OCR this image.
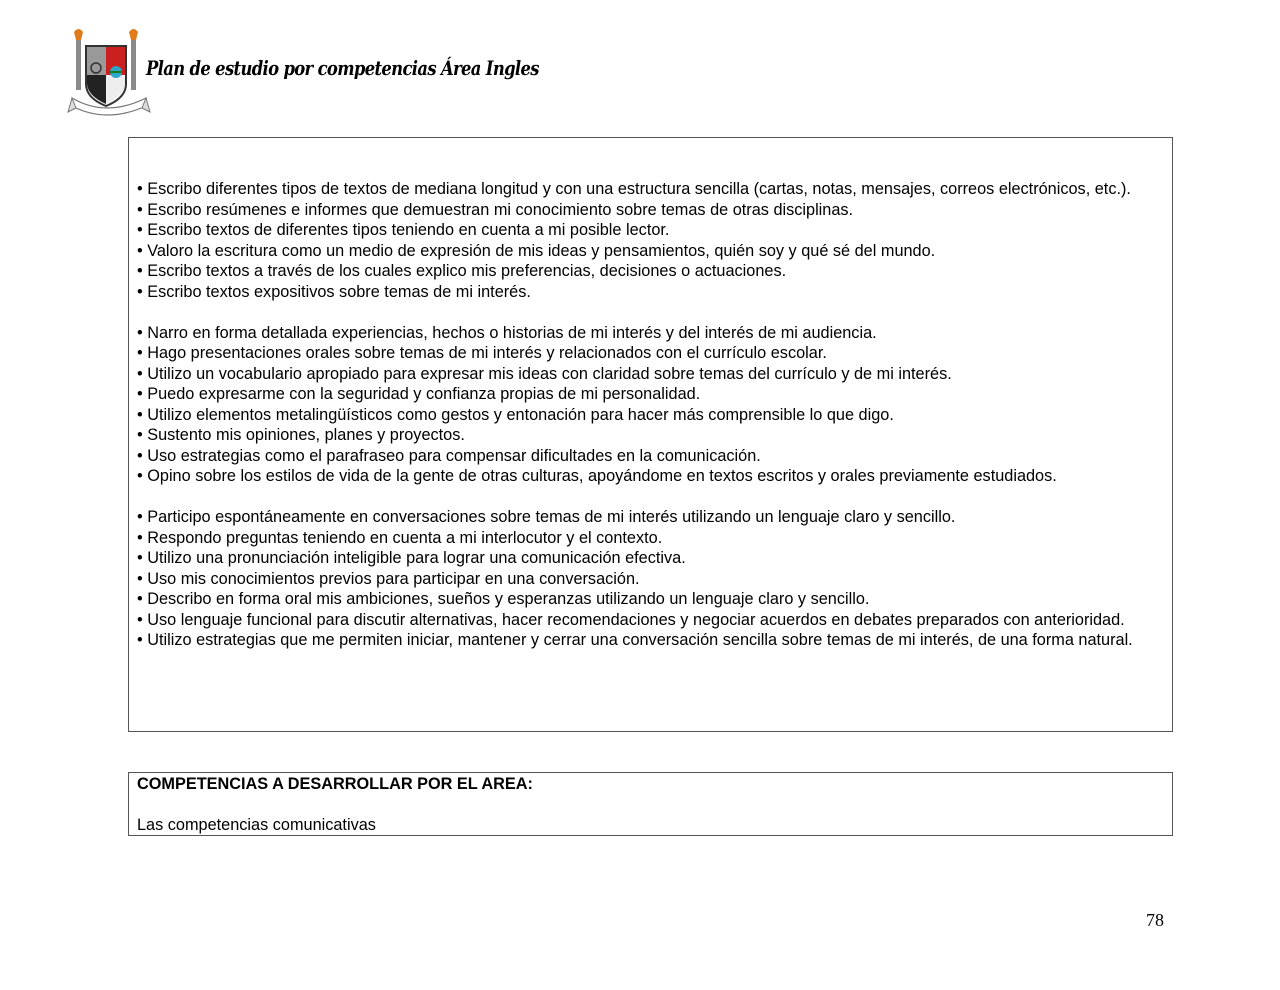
Plan de estudio por competencias Área Ingles
• Escribo diferentes tipos de textos de mediana longitud y con una estructura sencilla (cartas, notas, mensajes, correos electrónicos, etc.).
• Escribo resúmenes e informes que demuestran mi conocimiento sobre temas de otras disciplinas.
• Escribo textos de diferentes tipos teniendo en cuenta a mi posible lector.
• Valoro la escritura como un medio de expresión de mis ideas y pensamientos, quién soy y qué sé del mundo.
• Escribo textos a través de los cuales explico mis preferencias, decisiones o actuaciones.
• Escribo textos expositivos sobre temas de mi interés.
• Narro en forma detallada experiencias, hechos o historias de mi interés y del interés de mi audiencia.
• Hago presentaciones orales sobre temas de mi interés y relacionados con el currículo escolar.
• Utilizo un vocabulario apropiado para expresar mis ideas con claridad sobre temas del currículo y de mi interés.
• Puedo expresarme con la seguridad y confianza propias de mi personalidad.
• Utilizo elementos metalingüísticos como gestos y entonación para hacer más comprensible lo que digo.
• Sustento mis opiniones, planes y proyectos.
• Uso estrategias como el parafraseo para compensar dificultades en la comunicación.
• Opino sobre los estilos de vida de la gente de otras culturas, apoyándome en textos escritos y orales previamente estudiados.
• Participo espontáneamente en conversaciones sobre temas de mi interés utilizando un lenguaje claro y sencillo.
• Respondo preguntas teniendo en cuenta a mi interlocutor y el contexto.
• Utilizo una pronunciación inteligible para lograr una comunicación efectiva.
• Uso mis conocimientos previos para participar en una conversación.
• Describo en forma oral mis ambiciones, sueños y esperanzas utilizando un lenguaje claro y sencillo.
• Uso lenguaje funcional para discutir alternativas, hacer recomendaciones y negociar acuerdos en debates preparados con anterioridad.
• Utilizo estrategias que me permiten iniciar, mantener y cerrar una conversación sencilla sobre temas de mi interés, de una forma natural.
COMPETENCIAS A DESARROLLAR POR EL AREA:
Las competencias comunicativas
78
